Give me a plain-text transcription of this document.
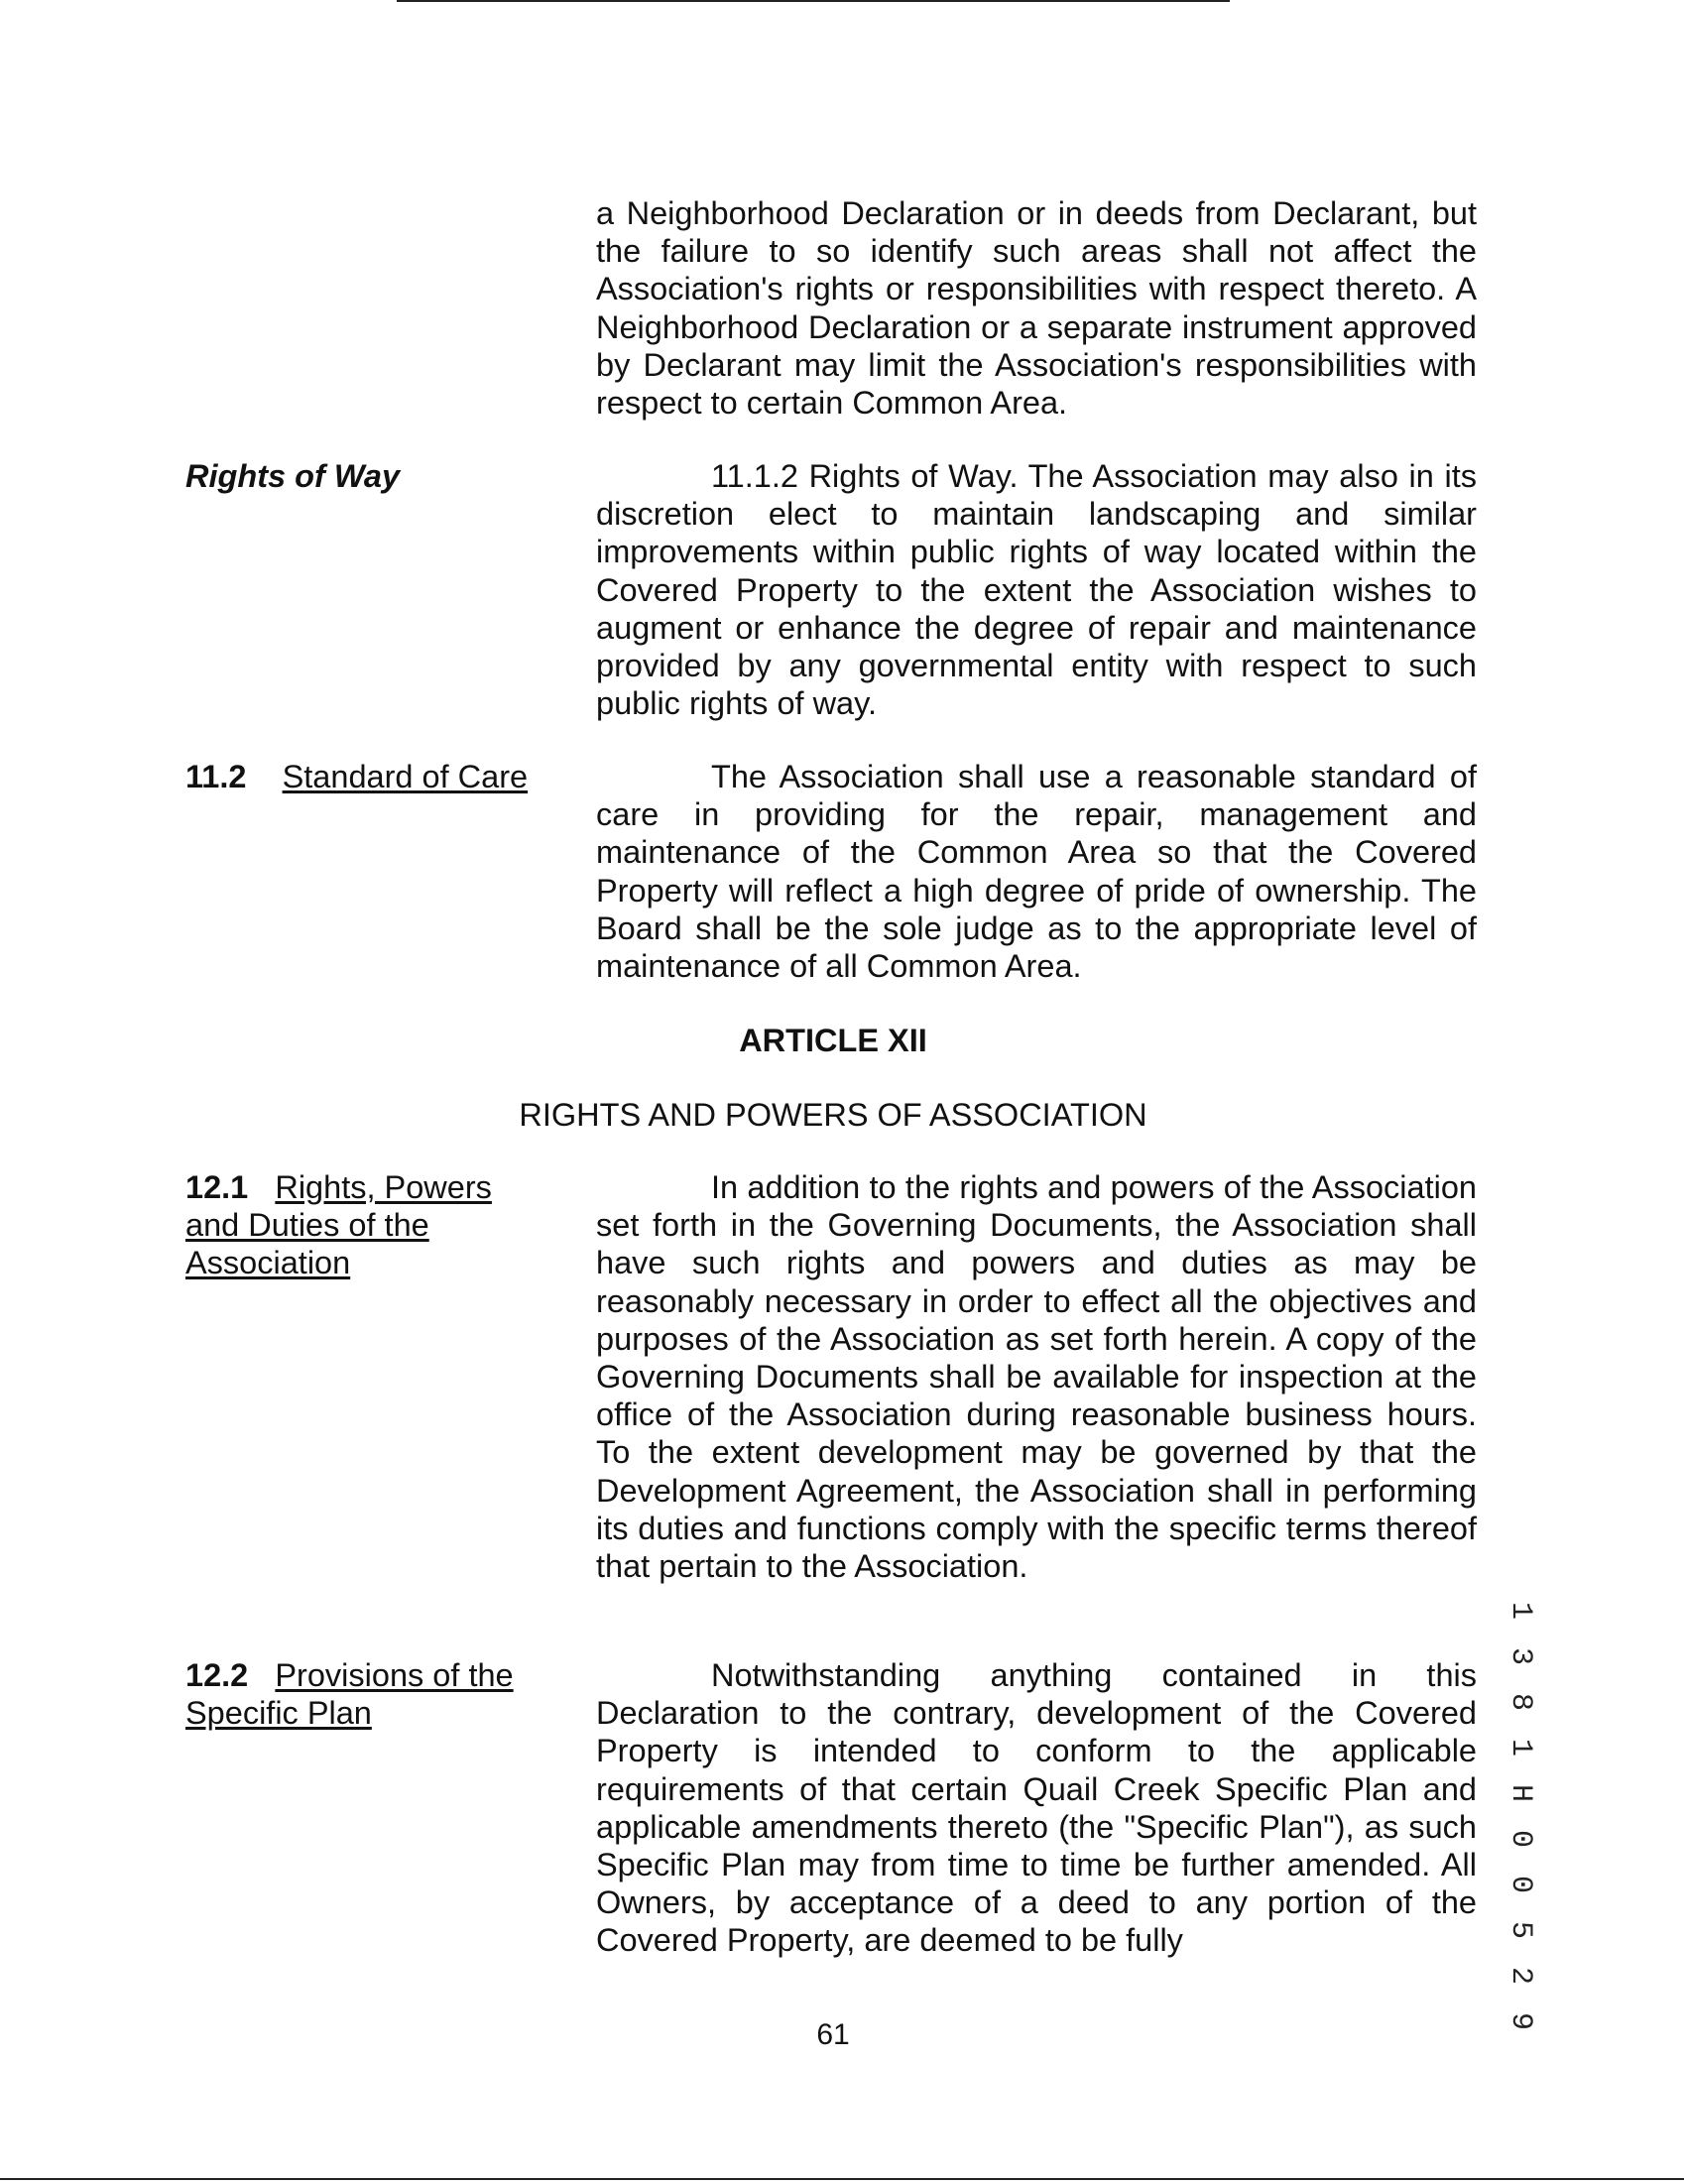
a Neighborhood Declaration or in deeds from Declarant, but the failure to so identify such areas shall not affect the Association's rights or responsibilities with respect thereto. A Neighborhood Declaration or a separate instrument approved by Declarant may limit the Association's responsibilities with respect to certain Common Area.
Rights of Way	11.1.2 Rights of Way. The Association may also in its discretion elect to maintain landscaping and similar improvements within public rights of way located within the Covered Property to the extent the Association wishes to augment or enhance the degree of repair and maintenance provided by any governmental entity with respect to such public rights of way.
11.2 Standard of Care	The Association shall use a reasonable standard of care in providing for the repair, management and maintenance of the Common Area so that the Covered Property will reflect a high degree of pride of ownership. The Board shall be the sole judge as to the appropriate level of maintenance of all Common Area.
ARTICLE XII
RIGHTS AND POWERS OF ASSOCIATION
12.1 Rights, Powers and Duties of the Association
In addition to the rights and powers of the Association set forth in the Governing Documents, the Association shall have such rights and powers and duties as may be reasonably necessary in order to effect all the objectives and purposes of the Association as set forth herein. A copy of the Governing Documents shall be available for inspection at the office of the Association during reasonable business hours. To the extent development may be governed by that the Development Agreement, the Association shall in performing its duties and functions comply with the specific terms thereof that pertain to the Association.
12.2 Provisions of the Specific Plan
Notwithstanding anything contained in this Declaration to the contrary, development of the Covered Property is intended to conform to the applicable requirements of that certain Quail Creek Specific Plan and applicable amendments thereto (the "Specific Plan"), as such Specific Plan may from time to time be further amended. All Owners, by acceptance of a deed to any portion of the Covered Property, are deemed to be fully
61	1 3 8 1 H 0 0 5 2 9
